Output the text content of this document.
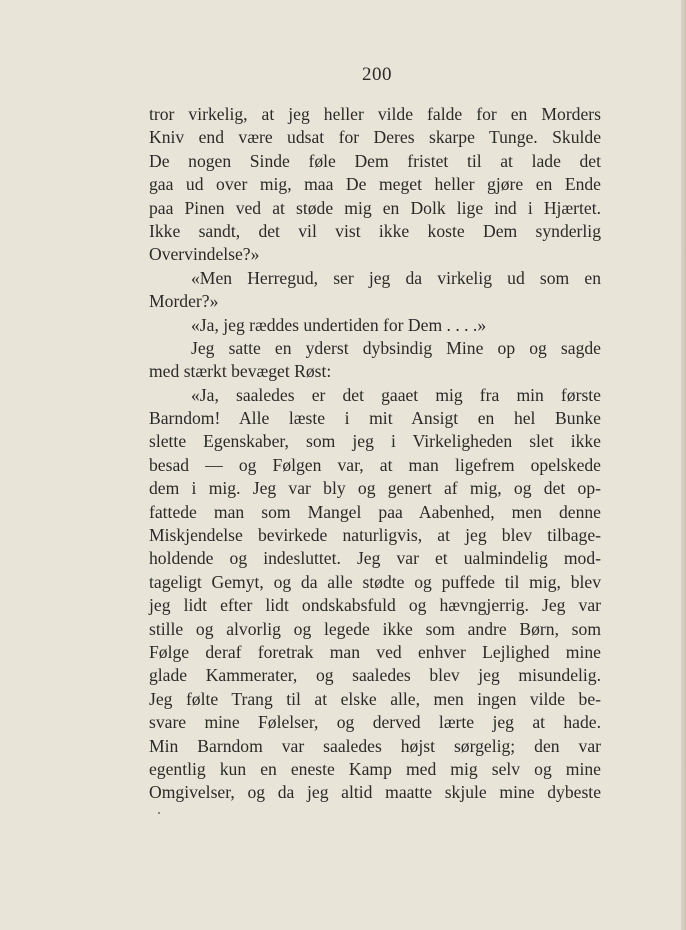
200
tror virkelig, at jeg heller vilde falde for en Morders
Kniv end være udsat for Deres skarpe Tunge. Skulde
De nogen Sinde føle Dem fristet til at lade det
gaa ud over mig, maa De meget heller gjøre en Ende
paa Pinen ved at støde mig en Dolk lige ind i Hjærtet.
Ikke sandt, det vil vist ikke koste Dem synderlig
Overvindelse?»
«Men Herregud, ser jeg da virkelig ud som en
Morder?»
«Ja, jeg ræddes undertiden for Dem . . . .»
Jeg satte en yderst dybsindig Mine op og sagde
med stærkt bevæget Røst:
«Ja, saaledes er det gaaet mig fra min første
Barndom! Alle læste i mit Ansigt en hel Bunke
slette Egenskaber, som jeg i Virkeligheden slet ikke
besad — og Følgen var, at man ligefrem opelskede
dem i mig. Jeg var bly og genert af mig, og det op-
fattede man som Mangel paa Aabenhed, men denne
Miskjendelse bevirkede naturligvis, at jeg blev tilbage-
holdende og indesluttet. Jeg var et ualmindelig mod-
tageligt Gemyt, og da alle stødte og puffede til mig, blev
jeg lidt efter lidt ondskabsfuld og hævngjerrig. Jeg var
stille og alvorlig og legede ikke som andre Børn, som
Følge deraf foretrak man ved enhver Lejlighed mine
glade Kammerater, og saaledes blev jeg misundelig.
Jeg følte Trang til at elske alle, men ingen vilde be-
svare mine Følelser, og derved lærte jeg at hade.
Min Barndom var saaledes højst sørgelig; den var
egentlig kun en eneste Kamp med mig selv og mine
Omgivelser, og da jeg altid maatte skjule mine dybeste
